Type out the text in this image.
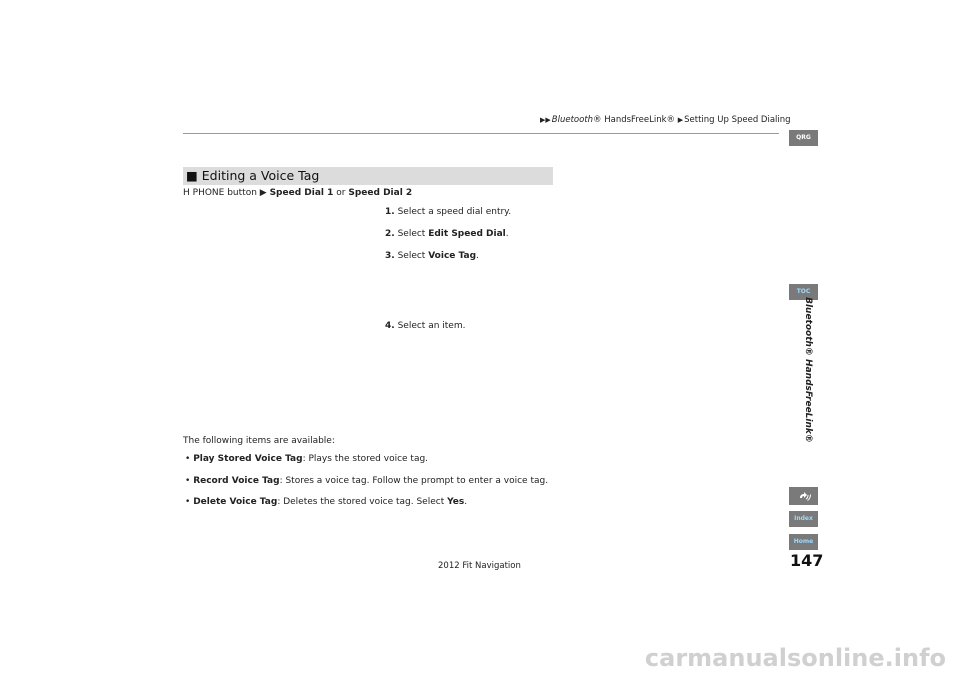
▶▶Bluetooth® HandsFreeLink® ▶Setting Up Speed Dialing
■ Editing a Voice Tag
H PHONE button ▶ Speed Dial 1 or Speed Dial 2
1. Select a speed dial entry.
2. Select Edit Speed Dial.
3. Select Voice Tag.
4. Select an item.
The following items are available:
• Play Stored Voice Tag: Plays the stored voice tag.
• Record Voice Tag: Stores a voice tag. Follow the prompt to enter a voice tag.
• Delete Voice Tag: Deletes the stored voice tag. Select Yes.
QRG
TOC
Bluetooth® HandsFreeLink®
Index
Home
147
2012 Fit Navigation
carmanualsonline.info
